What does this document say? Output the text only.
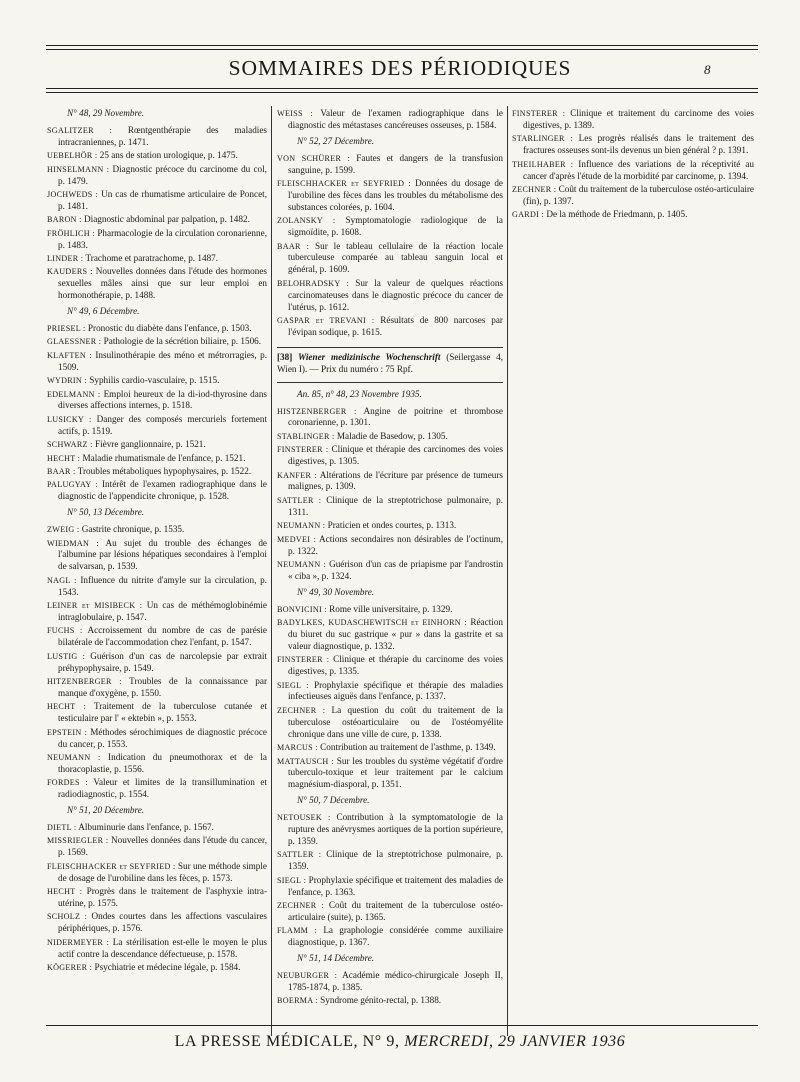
SOMMAIRES DES PÉRIODIQUES	8
N° 48, 29 Novembre.
SGALITZER : Rœntgenthérapie des maladies intracraniennes, p. 1471.
UEBELHÖR : 25 ans de station urologique, p. 1475.
HINSELMANN : Diagnostic précoce du carcinome du col, p. 1479.
JOCHWEDS : Un cas de rhumatisme articulaire de Poncet, p. 1481.
BARON : Diagnostic abdominal par palpation, p. 1482.
FRÖHLICH : Pharmacologie de la circulation coronarienne, p. 1483.
LINDER : Trachome et paratrachome, p. 1487.
KAUDERS : Nouvelles données dans l'étude des hormones sexuelles mâles ainsi que sur leur emploi en hormonothérapie, p. 1488.
N° 49, 6 Décembre.
PRIESEL : Pronostic du diabète dans l'enfance, p. 1503.
GLAESSNER : Pathologie de la sécrétion biliaire, p. 1506.
KLAFTEN : Insulinothérapie des méno et métrorragies, p. 1509.
WYDRIN : Syphilis cardio-vasculaire, p. 1515.
EDELMANN : Emploi heureux de la di-iod-thyrosine dans diverses affections internes, p. 1518.
LUSICKY : Danger des composés mercuriels fortement actifs, p. 1519.
SCHWARZ : Fièvre ganglionnaire, p. 1521.
HECHT : Maladie rhumatismale de l'enfance, p. 1521.
BAAR : Troubles métaboliques hypophysaires, p. 1522.
PALUGYAY : Intérêt de l'examen radiographique dans le diagnostic de l'appendicite chronique, p. 1528.
N° 50, 13 Décembre.
ZWEIG : Gastrite chronique, p. 1535.
WIEDMAN : Au sujet du trouble des échanges de l'albumine par lésions hépatiques secondaires à l'emploi de salvarsan, p. 1539.
NAGL : Influence du nitrite d'amyle sur la circulation, p. 1543.
LEINER et MISIBECK : Un cas de méthémoglobinémie intraglobulaire, p. 1547.
FUCHS : Accroissement du nombre de cas de parésie bilatérale de l'accommodation chez l'enfant, p. 1547.
LUSTIG : Guérison d'un cas de narcolepsie par extrait préhypophysaire, p. 1549.
HITZENBERGER : Troubles de la connaissance par manque d'oxygène, p. 1550.
HECHT : Traitement de la tuberculose cutanée et testiculaire par l' « ektebin », p. 1553.
EPSTEIN : Méthodes sérochimiques de diagnostic précoce du cancer, p. 1553.
NEUMANN : Indication du pneumothorax et de la thoracoplastie, p. 1556.
FORDES : Valeur et limites de la transillumination et radiodiagnostic, p. 1554.
N° 51, 20 Décembre.
DIETL : Albuminurie dans l'enfance, p. 1567.
MISSRIEGLER : Nouvelles données dans l'étude du cancer, p. 1569.
FLEISCHHACKER et SEYFRIED : Sur une méthode simple de dosage de l'urobiline dans les fèces, p. 1573.
HECHT : Progrès dans le traitement de l'asphyxie intra-utérine, p. 1575.
SCHOLZ : Ondes courtes dans les affections vasculaires périphériques, p. 1576.
NIDERMEYER : La stérilisation est-elle le moyen le plus actif contre la descendance défectueuse, p. 1578.
KÖGERER : Psychiatrie et médecine légale, p. 1584.
WEISS : Valeur de l'examen radiographique dans le diagnostic des métastases cancéreuses osseuses, p. 1584.
N° 52, 27 Décembre.
VON SCHÜRER : Fautes et dangers de la transfusion sanguine, p. 1599.
FLEISCHHACKER et SEYFRIED : Données du dosage de l'urobiline des fèces dans les troubles du métabolisme des substances colorées, p. 1604.
ZOLANSKY : Symptomatologie radiologique de la sigmoïdite, p. 1608.
BAAR : Sur le tableau cellulaire de la réaction locale tuberculeuse comparée au tableau sanguin local et général, p. 1609.
BELOHRADSKY : Sur la valeur de quelques réactions carcinomateuses dans le diagnostic précoce du cancer de l'utérus, p. 1612.
GASPAR et TREVANI : Résultats de 800 narcoses par l'évipan sodique, p. 1615.
[38] Wiener medizinische Wochenschrift (Seilergasse 4, Wien I). — Prix du numéro : 75 Rpf.
An. 85, n° 48, 23 Novembre 1935.
HISTZENBERGER : Angine de poitrine et thrombose coronarienne, p. 1301.
STABLINGER : Maladie de Basedow, p. 1305.
FINSTERER : Clinique et thérapie des carcinomes des voies digestives, p. 1305.
KANFER : Altérations de l'écriture par présence de tumeurs malignes, p. 1309.
SATTLER : Clinique de la streptotrichose pulmonaire, p. 1311.
NEUMANN : Praticien et ondes courtes, p. 1313.
MEDVEI : Actions secondaires non désirables de l'octinum, p. 1322.
NEUMANN : Guérison d'un cas de priapisme par l'androstin « ciba », p. 1324.
N° 49, 30 Novembre.
BONVICINI : Rome ville universitaire, p. 1329.
BADYLKES, KUDASCHEWITSCH et EINHORN : Réaction du biuret du suc gastrique « pur » dans la gastrite et sa valeur diagnostique, p. 1332.
FINSTERER : Clinique et thérapie du carcinome des voies digestives, p. 1335.
SIEGL : Prophylaxie spécifique et thérapie des maladies infectieuses aiguës dans l'enfance, p. 1337.
ZECHNER : La question du coût du traitement de la tuberculose ostéoarticulaire ou de l'ostéomyélite chronique dans une ville de cure, p. 1338.
MARCUS : Contribution au traitement de l'asthme, p. 1349.
MATTAUSCH : Sur les troubles du système végétatif d'ordre tuberculo-toxique et leur traitement par le calcium magnésium-diasporal, p. 1351.
N° 50, 7 Décembre.
NETOUSEK : Contribution à la symptomatologie de la rupture des anévrysmes aortiques de la portion supérieure, p. 1359.
SATTLER : Clinique de la streptotrichose pulmonaire, p. 1359.
SIEGL : Prophylaxie spécifique et traitement des maladies de l'enfance, p. 1363.
ZECHNER : Coût du traitement de la tuberculose ostéo-articulaire (suite), p. 1365.
FLAMM : La graphologie considérée comme auxiliaire diagnostique, p. 1367.
N° 51, 14 Décembre.
NEUBURGER : Académie médico-chirurgicale Joseph II, 1785-1874, p. 1385.
BOERMA : Syndrome génito-rectal, p. 1388.
FINSTERER : Clinique et traitement du carcinome des voies digestives, p. 1389.
STARLINGER : Les progrès réalisés dans le traitement des fractures osseuses sont-ils devenus un bien général ? p. 1391.
THEILHABER : Influence des variations de la réceptivité au cancer d'après l'étude de la morbidité par carcinome, p. 1394.
ZECHNER : Coût du traitement de la tuberculose ostéo-articulaire (fin), p. 1397.
GARDI : De la méthode de Friedmann, p. 1405.
LA PRESSE MÉDICALE, N° 9, MERCREDI, 29 JANVIER 1936
